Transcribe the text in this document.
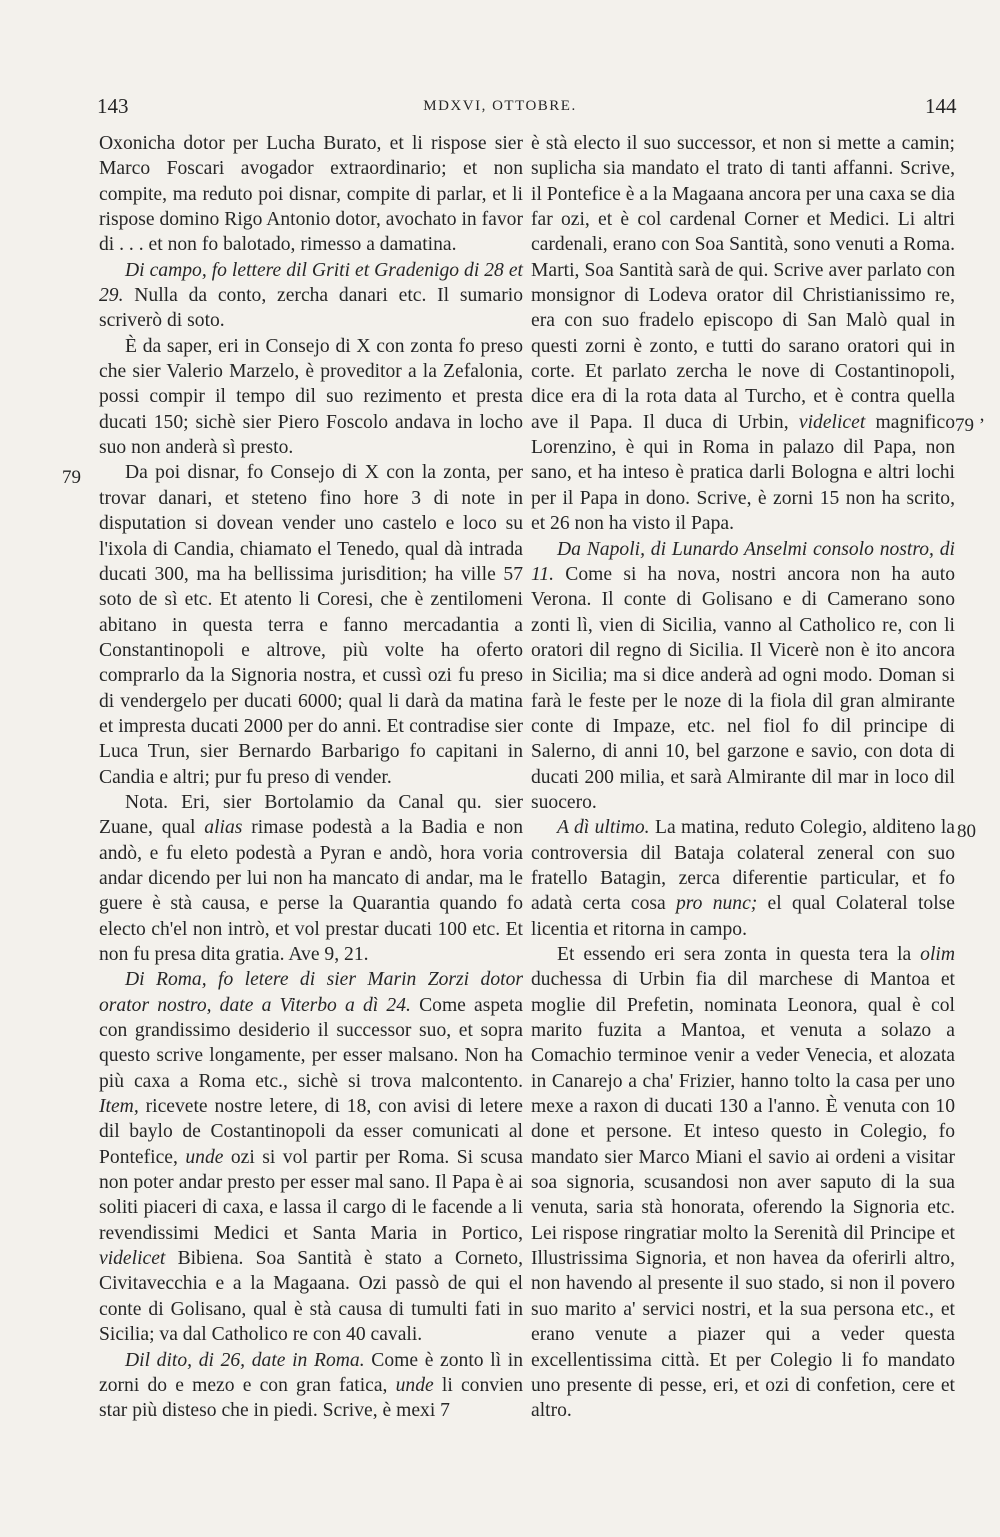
143	MDXVI, OTTOBRE.	144
79
79 ’
80

Oxonicha dotor per Lucha Burato, et li rispose sier Marco Foscari avogador extraordinario; et non compite, ma reduto poi disnar, compite di parlar, et li rispose domino Rigo Antonio dotor, avochato in favor di . . . et non fo balotado, rimesso a damatina.

Di campo, fo lettere dil Griti et Gradenigo di 28 et 29. Nulla da conto, zercha danari etc. Il sumario scriverò di soto.

È da saper, eri in Consejo di X con zonta fo preso che sier Valerio Marzelo, è proveditor a la Zefalonia, possi compir il tempo dil suo rezimento et presta ducati 150; sichè sier Piero Foscolo andava in locho suo non anderà sì presto.

Da poi disnar, fo Consejo di X con la zonta, per trovar danari, et steteno fino hore 3 di note in disputation si dovean vender uno castelo e loco su l'ixola di Candia, chiamato el Tenedo, qual dà intrada ducati 300, ma ha bellissima jurisdition; ha ville 57 soto de sì etc. Et atento li Coresi, che è zentilomeni abitano in questa terra e fanno mercadantia a Constantinopoli e altrove, più volte ha oferto comprarlo da la Signoria nostra, et cussì ozi fu preso di vendergelo per ducati 6000; qual li darà da matina et impresta ducati 2000 per do anni. Et contradise sier Luca Trun, sier Bernardo Barbarigo fo capitani in Candia e altri; pur fu preso di vender.

Nota. Eri, sier Bortolamio da Canal qu. sier Zuane, qual alias rimase podestà a la Badia e non andò, e fu eleto podestà a Pyran e andò, hora voria andar dicendo per lui non ha mancato di andar, ma le guere è stà causa, e perse la Quarantia quando fo electo ch'el non intrò, et vol prestar ducati 100 etc. Et non fu presa dita gratia. Ave 9, 21.

Di Roma, fo letere di sier Marin Zorzi dotor orator nostro, date a Viterbo a dì 24. Come aspeta con grandissimo desiderio il successor suo, et sopra questo scrive longamente, per esser malsano. Non ha più caxa a Roma etc., sichè si trova malcontento. Item, ricevete nostre letere, di 18, con avisi di letere dil baylo de Costantinopoli da esser comunicati al Pontefice, unde ozi si vol partir per Roma. Si scusa non poter andar presto per esser mal sano. Il Papa è ai soliti piaceri di caxa, e lassa il cargo di le facende a li revendissimi Medici et Santa Maria in Portico, videlicet Bibiena. Soa Santità è stato a Corneto, Civitavecchia e a la Magaana. Ozi passò de qui el conte di Golisano, qual è stà causa di tumulti fati in Sicilia; va dal Catholico re con 40 cavali.

Dil dito, di 26, date in Roma. Come è zonto lì in zorni do e mezo e con gran fatica, unde li convien star più disteso che in piedi. Scrive, è mexi 7

è stà electo il suo successor, et non si mette a camin; suplicha sia mandato el trato di tanti affanni. Scrive, il Pontefice è a la Magaana ancora per una caxa se dia far ozi, et è col cardenal Corner et Medici. Li altri cardenali, erano con Soa Santità, sono venuti a Roma. Marti, Soa Santità sarà de qui. Scrive aver parlato con monsignor di Lodeva orator dil Christianissimo re, era con suo fradelo episcopo di San Malò qual in questi zorni è zonto, e tutti do sarano oratori qui in corte. Et parlato zercha le nove di Costantinopoli, dice era di la rota data al Turcho, et è contra quella ave il Papa. Il duca di Urbin, videlicet magnifico Lorenzino, è qui in Roma in palazo dil Papa, non sano, et ha inteso è pratica darli Bologna e altri lochi per il Papa in dono. Scrive, è zorni 15 non ha scrito, et 26 non ha visto il Papa.

Da Napoli, di Lunardo Anselmi consolo nostro, di 11. Come si ha nova, nostri ancora non ha auto Verona. Il conte di Golisano e di Camerano sono zonti lì, vien di Sicilia, vanno al Catholico re, con li oratori dil regno di Sicilia. Il Vicerè non è ito ancora in Sicilia; ma si dice anderà ad ogni modo. Doman si farà le feste per le noze di la fiola dil gran almirante conte di Impaze, etc. nel fiol fo dil principe di Salerno, di anni 10, bel garzone e savio, con dota di ducati 200 milia, et sarà Almirante dil mar in loco dil suocero.

A dì ultimo. La matina, reduto Colegio, alditeno la controversia dil Bataja colateral zeneral con suo fratello Batagin, zerca diferentie particular, et fo adatà certa cosa pro nunc; el qual Colateral tolse licentia et ritorna in campo.

Et essendo eri sera zonta in questa tera la olim duchessa di Urbin fia dil marchese di Mantoa et moglie dil Prefetin, nominata Leonora, qual è col marito fuzita a Mantoa, et venuta a solazo a Comachio terminoe venir a veder Venecia, et alozata in Canarejo a cha' Frizier, hanno tolto la casa per uno mexe a raxon di ducati 130 a l'anno. È venuta con 10 done et persone. Et inteso questo in Colegio, fo mandato sier Marco Miani el savio ai ordeni a visitar soa signoria, scusandosi non aver saputo di la sua venuta, saria stà honorata, oferendo la Signoria etc. Lei rispose ringratiar molto la Serenità dil Principe et Illustrissima Signoria, et non havea da oferirli altro, non havendo al presente il suo stado, si non il povero suo marito a' servici nostri, et la sua persona etc., et erano venute a piazer qui a veder questa excellentissima città. Et per Colegio li fo mandato uno presente di pesse, eri, et ozi di confetion, cere et altro.
